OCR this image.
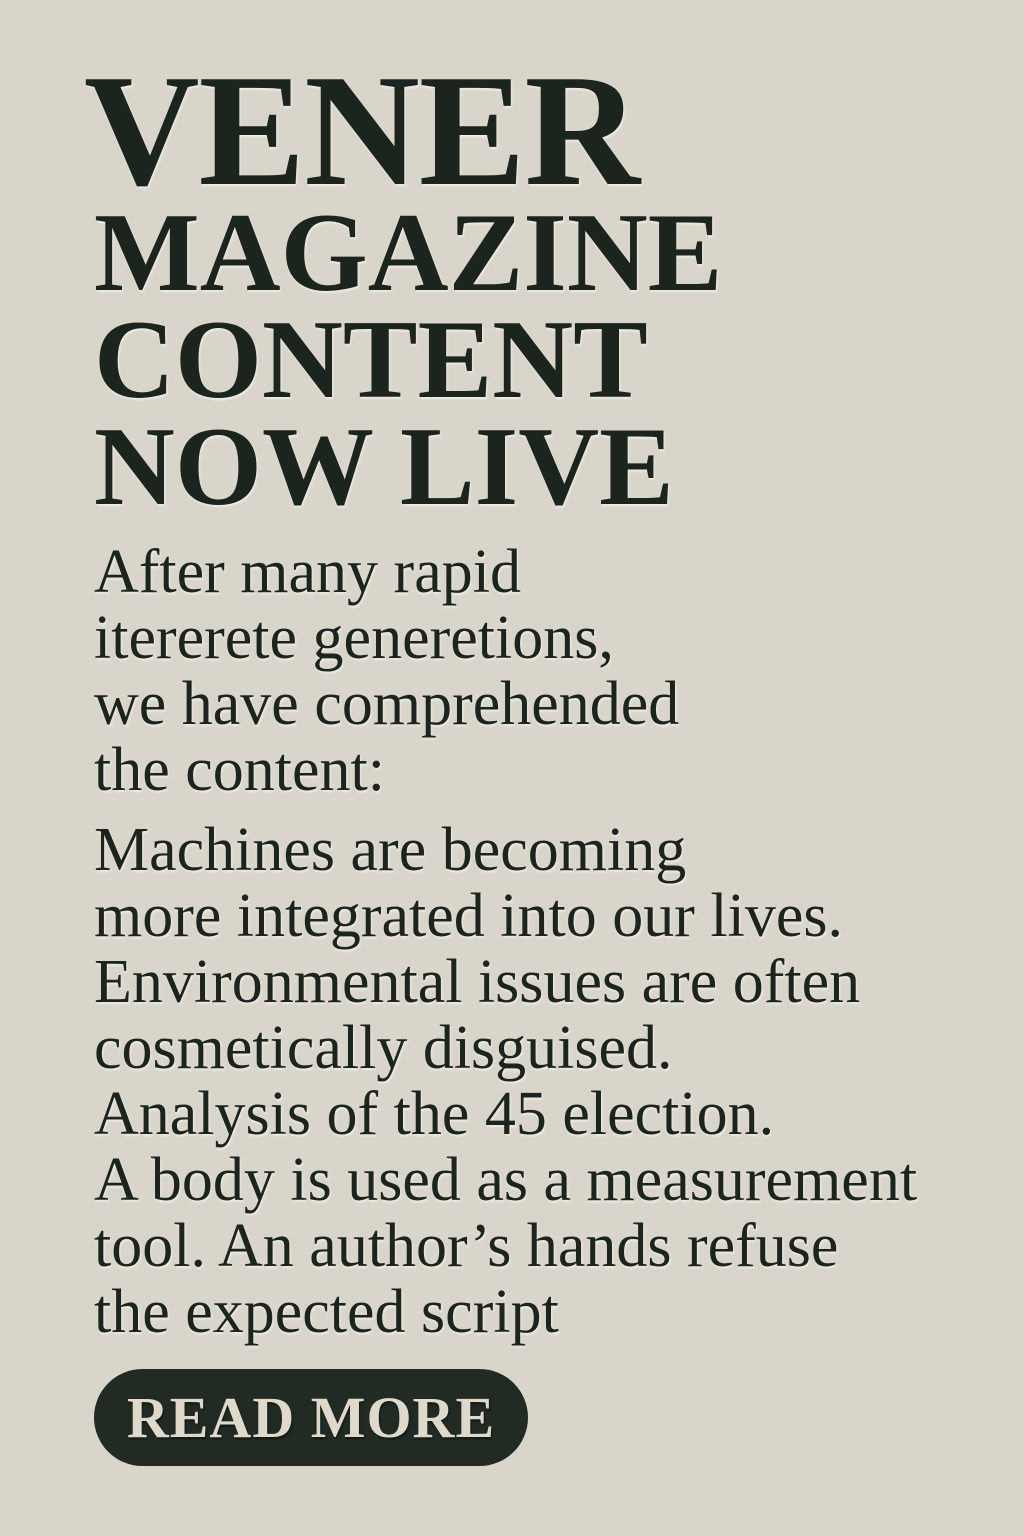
VENER
MAGAZINE
CONTENT
NOW LIVE

After many rapid
itererete generetions,
we have comprehended
the content:

Machines are becoming
more integrated into our lives.
Environmental issues are often
cosmetically disguised.
Analysis of the 45 election.
A body is used as a measurement
tool. An author’s hands refuse
the expected script

READ MORE
